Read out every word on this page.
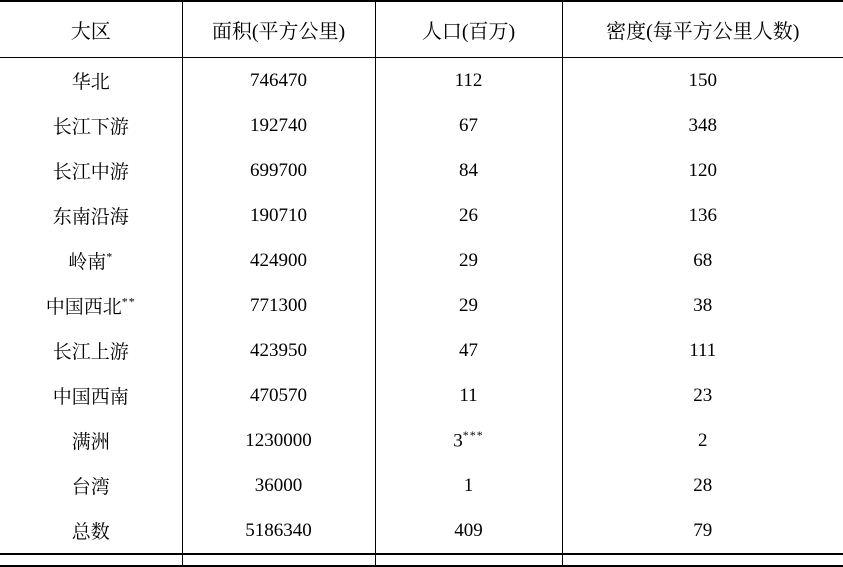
大区	面积(平方公里)	人口(百万)	密度(每平方公里人数)
华北	746470	112	150
长江下游	192740	67	348
长江中游	699700	84	120
东南沿海	190710	26	136
岭南*	424900	29	68
中国西北**	771300	29	38
长江上游	423950	47	111
中国西南	470570	11	23
满洲	1230000	3***	2
台湾	36000	1	28
总数	5186340	409	79
